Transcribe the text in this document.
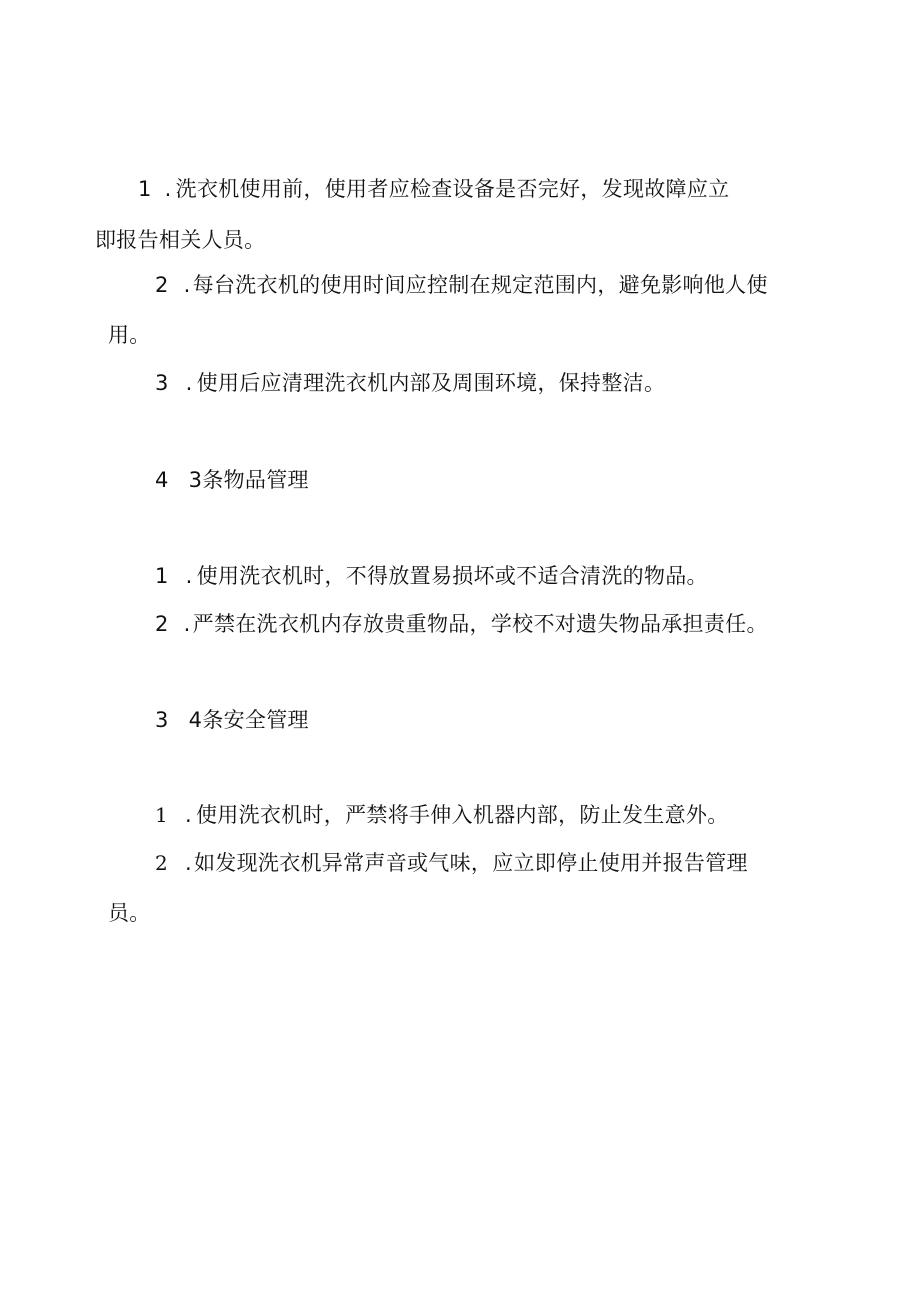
1 . 洗衣机使用前，使用者应检查设备是否完好，发现故障应立
即报告相关人员。
2 .每台洗衣机的使用时间应控制在规定范围内，避免影响他人使
用。
3 . 使用后应清理洗衣机内部及周围环境，保持整洁。
4 3条物品管理
1 . 使用洗衣机时，不得放置易损坏或不适合清洗的物品。
2 .严禁在洗衣机内存放贵重物品，学校不对遗失物品承担责任。
3 4条安全管理
1 . 使用洗衣机时，严禁将手伸入机器内部，防止发生意外。
2 .如发现洗衣机异常声音或气味，应立即停止使用并报告管理
员。
